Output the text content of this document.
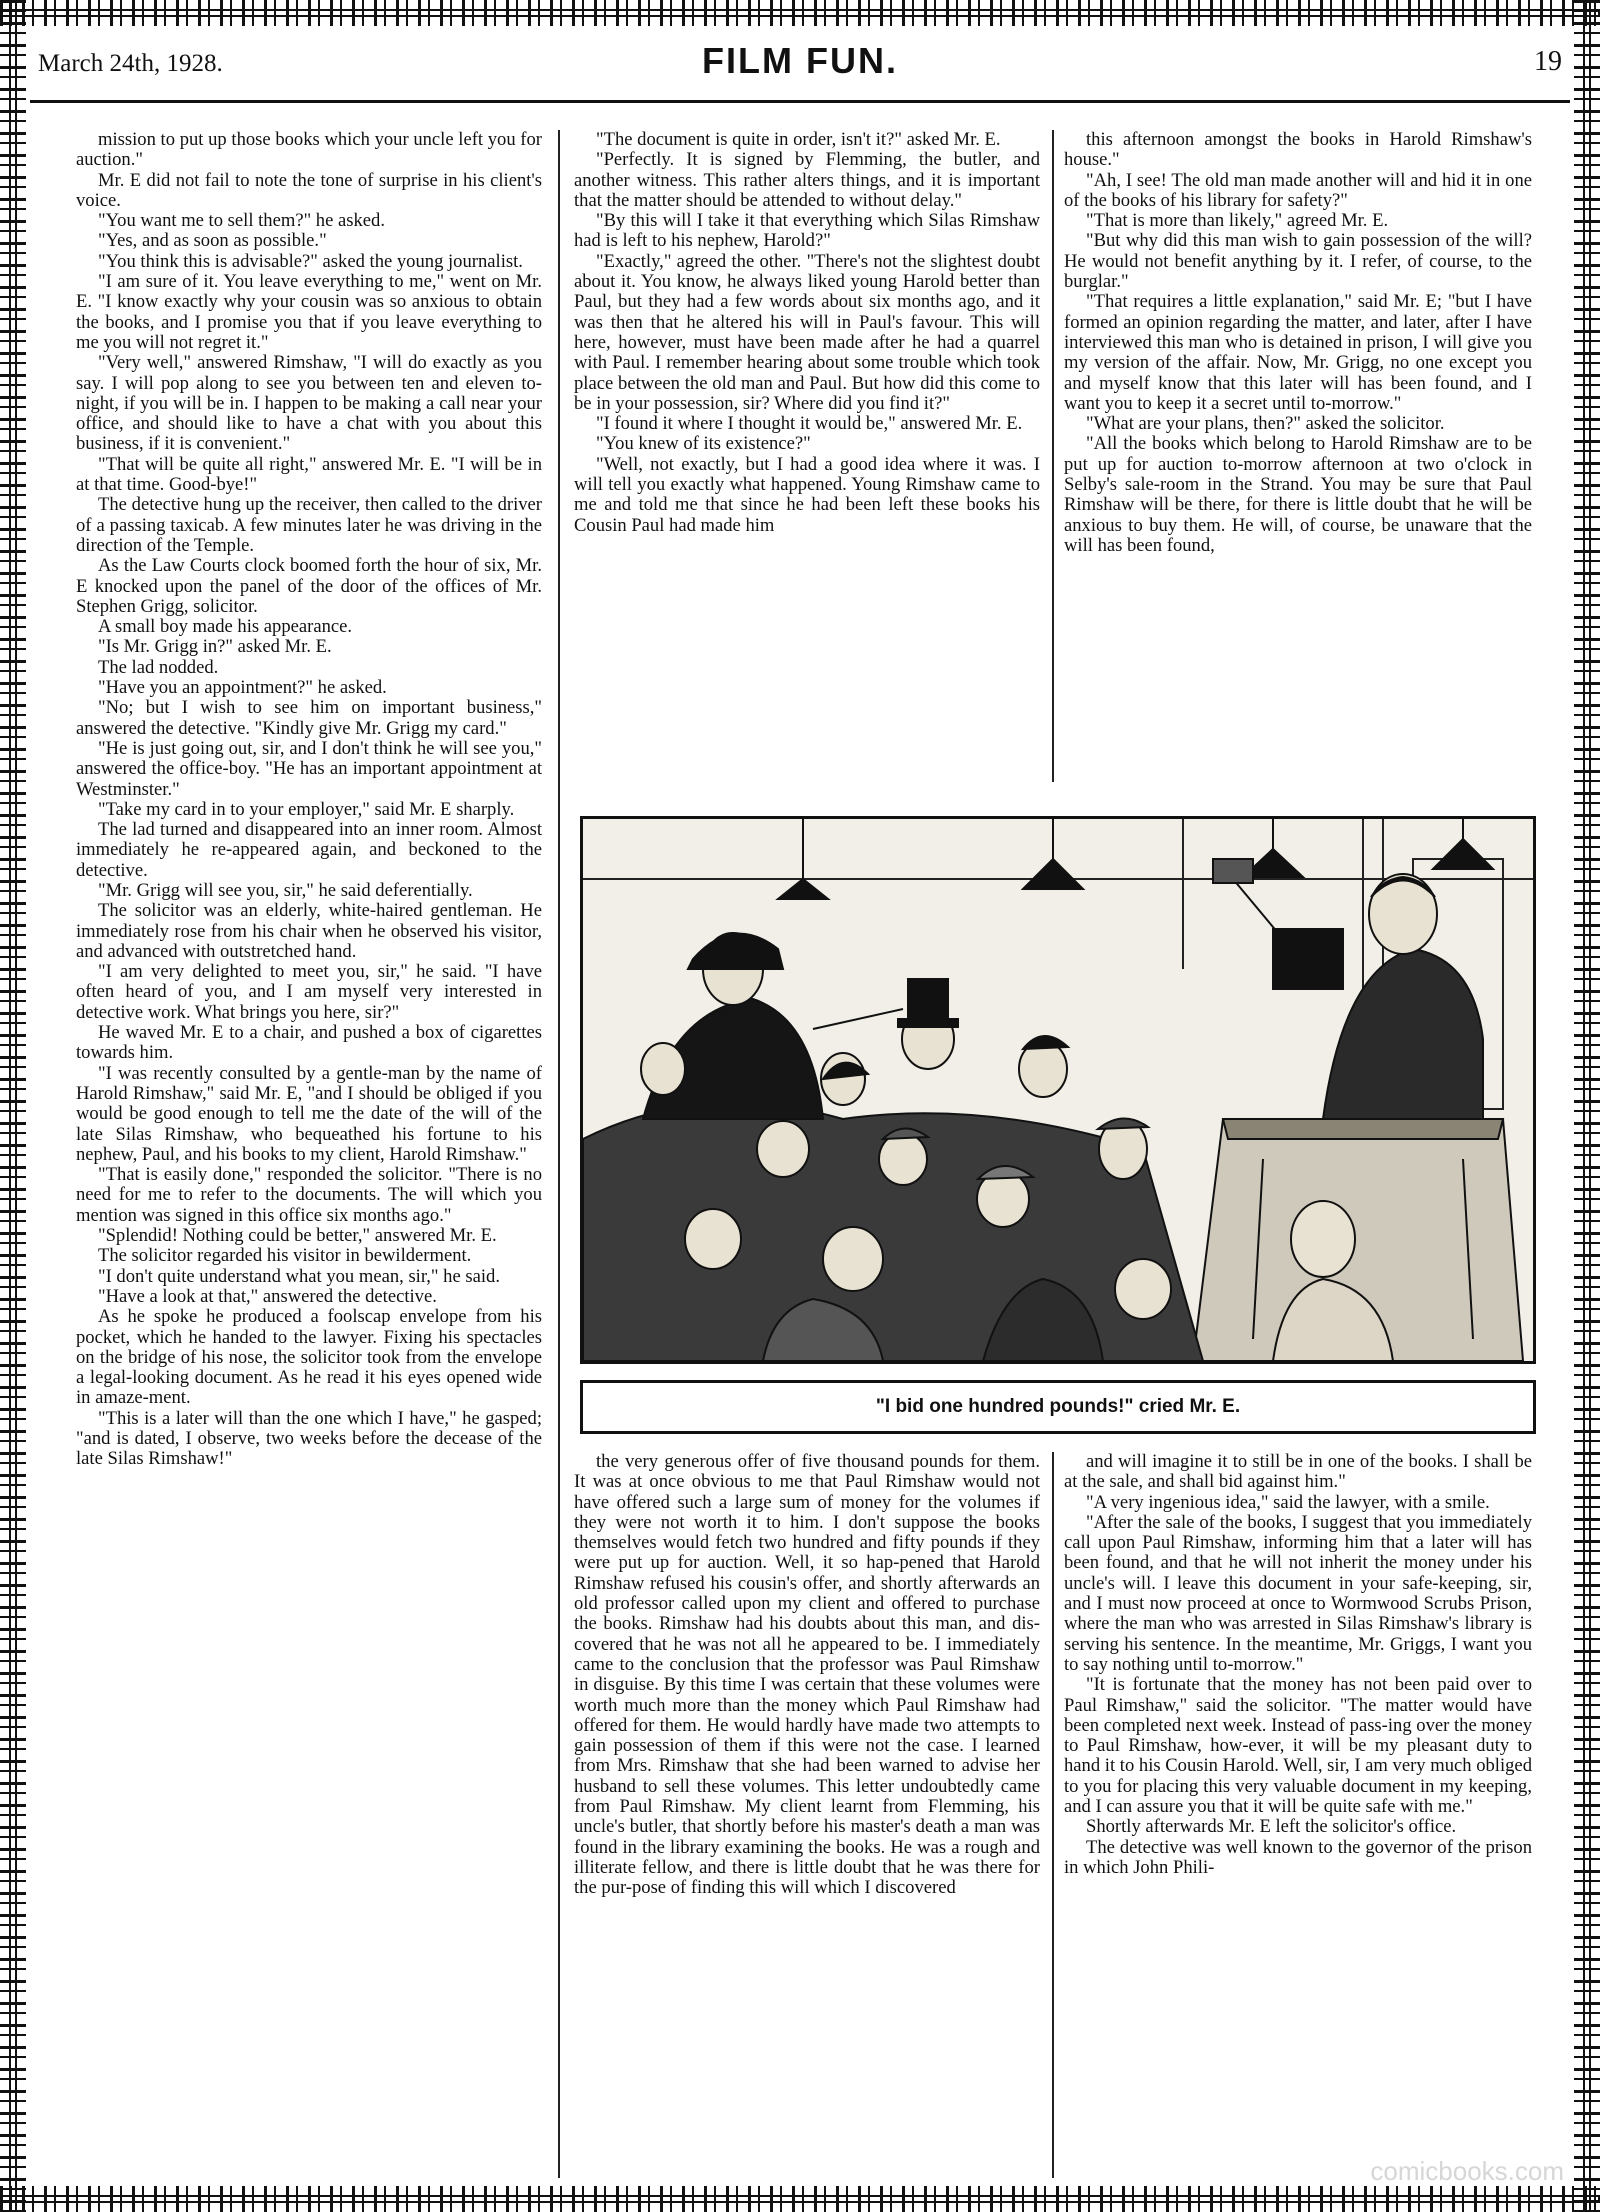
March 24th, 1928.	FILM FUN.	19

mission to put up those books which your uncle left you for auction."

Mr. E did not fail to note the tone of surprise in his client's voice.

"You want me to sell them?" he asked.

"Yes, and as soon as possible."

"You think this is advisable?" asked the young journalist.

"I am sure of it. You leave everything to me," went on Mr. E. "I know exactly why your cousin was so anxious to obtain the books, and I promise you that if you leave everything to me you will not regret it."

"Very well," answered Rimshaw, "I will do exactly as you say. I will pop along to see you between ten and eleven to-night, if you will be in. I happen to be making a call near your office, and should like to have a chat with you about this business, if it is convenient."

"That will be quite all right," answered Mr. E. "I will be in at that time. Good-bye!"

The detective hung up the receiver, then called to the driver of a passing taxicab. A few minutes later he was driving in the direction of the Temple.

As the Law Courts clock boomed forth the hour of six, Mr. E knocked upon the panel of the door of the offices of Mr. Stephen Grigg, solicitor.

A small boy made his appearance.

"Is Mr. Grigg in?" asked Mr. E.

The lad nodded.

"Have you an appointment?" he asked.

"No; but I wish to see him on important business," answered the detective. "Kindly give Mr. Grigg my card."

"He is just going out, sir, and I don't think he will see you," answered the office-boy. "He has an important appointment at Westminster."

"Take my card in to your employer," said Mr. E sharply.

The lad turned and disappeared into an inner room. Almost immediately he re-appeared again, and beckoned to the detective.

"Mr. Grigg will see you, sir," he said deferentially.

The solicitor was an elderly, white-haired gentleman. He immediately rose from his chair when he observed his visitor, and advanced with outstretched hand.

"I am very delighted to meet you, sir," he said. "I have often heard of you, and I am myself very interested in detective work. What brings you here, sir?"

He waved Mr. E to a chair, and pushed a box of cigarettes towards him.

"I was recently consulted by a gentle-man by the name of Harold Rimshaw," said Mr. E, "and I should be obliged if you would be good enough to tell me the date of the will of the late Silas Rimshaw, who bequeathed his fortune to his nephew, Paul, and his books to my client, Harold Rimshaw."

"That is easily done," responded the solicitor. "There is no need for me to refer to the documents. The will which you mention was signed in this office six months ago."

"Splendid! Nothing could be better," answered Mr. E.

The solicitor regarded his visitor in bewilderment.

"I don't quite understand what you mean, sir," he said.

"Have a look at that," answered the detective.

As he spoke he produced a foolscap envelope from his pocket, which he handed to the lawyer. Fixing his spectacles on the bridge of his nose, the solicitor took from the envelope a legal-looking document. As he read it his eyes opened wide in amaze-ment.

"This is a later will than the one which I have," he gasped; "and is dated, I observe, two weeks before the decease of the late Silas Rimshaw!"

"The document is quite in order, isn't it?" asked Mr. E.

"Perfectly. It is signed by Flemming, the butler, and another witness. This rather alters things, and it is important that the matter should be attended to without delay."

"By this will I take it that everything which Silas Rimshaw had is left to his nephew, Harold?"

"Exactly," agreed the other. "There's not the slightest doubt about it. You know, he always liked young Harold better than Paul, but they had a few words about six months ago, and it was then that he altered his will in Paul's favour. This will here, however, must have been made after he had a quarrel with Paul. I remember hearing about some trouble which took place between the old man and Paul. But how did this come to be in your possession, sir? Where did you find it?"

"I found it where I thought it would be," answered Mr. E.

"You knew of its existence?"

"Well, not exactly, but I had a good idea where it was. I will tell you exactly what happened. Young Rimshaw came to me and told me that since he had been left these books his Cousin Paul had made him

this afternoon amongst the books in Harold Rimshaw's house."

"Ah, I see! The old man made another will and hid it in one of the books of his library for safety?"

"That is more than likely," agreed Mr. E.

"But why did this man wish to gain possession of the will? He would not benefit anything by it. I refer, of course, to the burglar."

"That requires a little explanation," said Mr. E; "but I have formed an opinion regarding the matter, and later, after I have interviewed this man who is detained in prison, I will give you my version of the affair. Now, Mr. Grigg, no one except you and myself know that this later will has been found, and I want you to keep it a secret until to-morrow."

"What are your plans, then?" asked the solicitor.

"All the books which belong to Harold Rimshaw are to be put up for auction to-morrow afternoon at two o'clock in Selby's sale-room in the Strand. You may be sure that Paul Rimshaw will be there, for there is little doubt that he will be anxious to buy them. He will, of course, be unaware that the will has been found,

"I bid one hundred pounds!" cried Mr. E.

the very generous offer of five thousand pounds for them. It was at once obvious to me that Paul Rimshaw would not have offered such a large sum of money for the volumes if they were not worth it to him. I don't suppose the books themselves would fetch two hundred and fifty pounds if they were put up for auction. Well, it so hap-pened that Harold Rimshaw refused his cousin's offer, and shortly afterwards an old professor called upon my client and offered to purchase the books. Rimshaw had his doubts about this man, and dis-covered that he was not all he appeared to be. I immediately came to the conclusion that the professor was Paul Rimshaw in disguise. By this time I was certain that these volumes were worth much more than the money which Paul Rimshaw had offered for them. He would hardly have made two attempts to gain possession of them if this were not the case. I learned from Mrs. Rimshaw that she had been warned to advise her husband to sell these volumes. This letter undoubtedly came from Paul Rimshaw. My client learnt from Flemming, his uncle's butler, that shortly before his master's death a man was found in the library examining the books. He was a rough and illiterate fellow, and there is little doubt that he was there for the pur-pose of finding this will which I discovered

and will imagine it to still be in one of the books. I shall be at the sale, and shall bid against him."

"A very ingenious idea," said the lawyer, with a smile.

"After the sale of the books, I suggest that you immediately call upon Paul Rimshaw, informing him that a later will has been found, and that he will not inherit the money under his uncle's will. I leave this document in your safe-keeping, sir, and I must now proceed at once to Wormwood Scrubs Prison, where the man who was arrested in Silas Rimshaw's library is serving his sentence. In the meantime, Mr. Griggs, I want you to say nothing until to-morrow."

"It is fortunate that the money has not been paid over to Paul Rimshaw," said the solicitor. "The matter would have been completed next week. Instead of pass-ing over the money to Paul Rimshaw, how-ever, it will be my pleasant duty to hand it to his Cousin Harold. Well, sir, I am very much obliged to you for placing this very valuable document in my keeping, and I can assure you that it will be quite safe with me."

Shortly afterwards Mr. E left the solicitor's office.

The detective was well known to the governor of the prison in which John Phili-

comicbooks.com
